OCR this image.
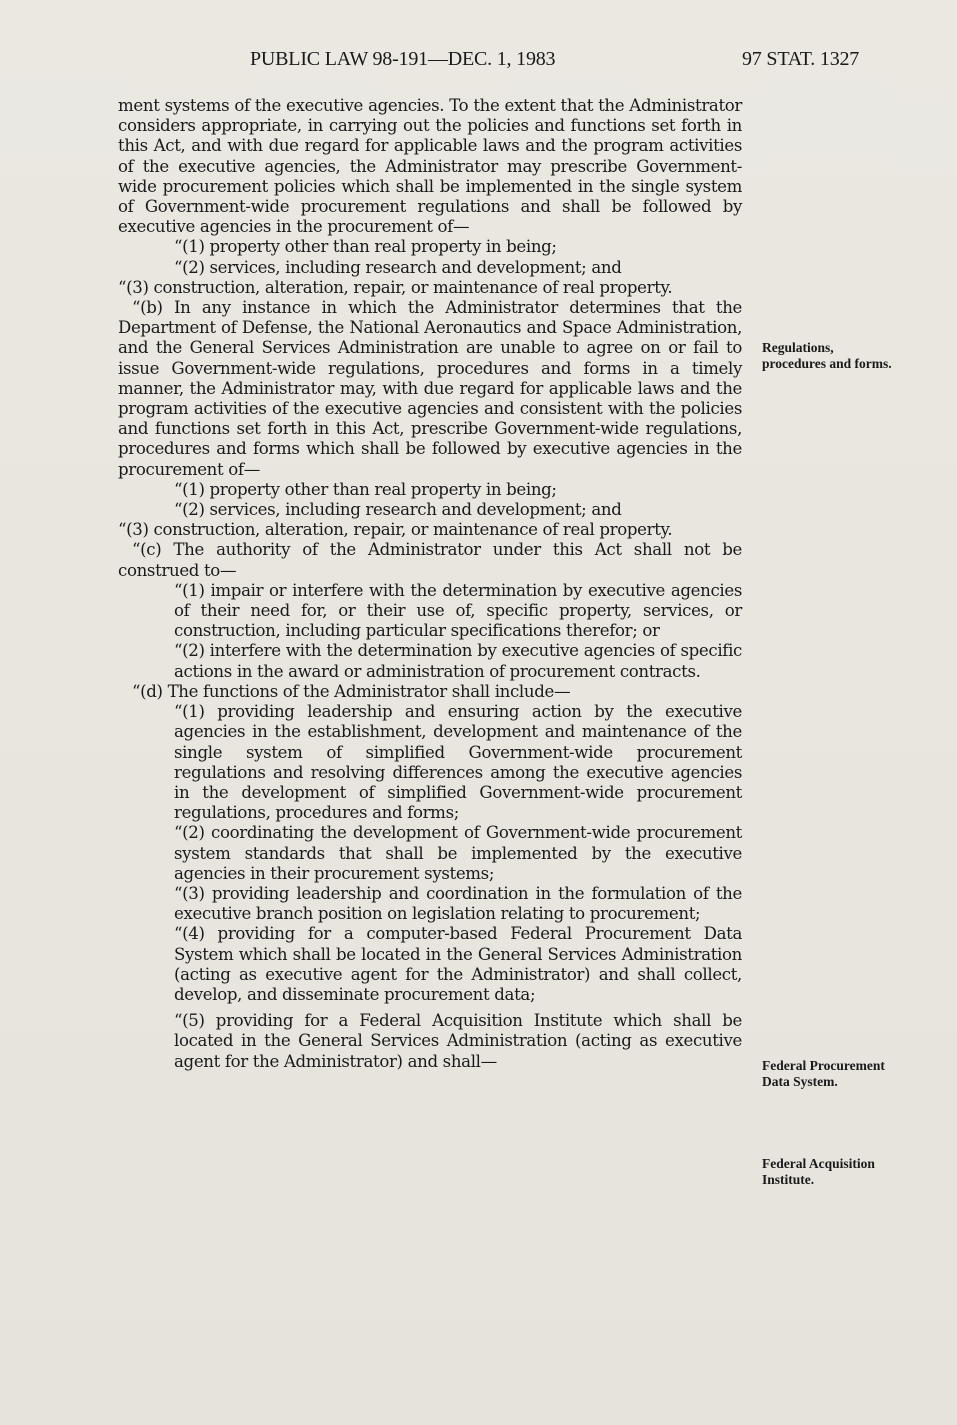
PUBLIC LAW 98-191—DEC. 1, 1983	97 STAT. 1327

ment systems of the executive agencies. To the extent that the Administrator considers appropriate, in carrying out the policies and functions set forth in this Act, and with due regard for applicable laws and the program activities of the executive agencies, the Administrator may prescribe Government-wide procurement policies which shall be implemented in the single system of Government-wide procurement regulations and shall be followed by executive agencies in the procurement of—

“(1) property other than real property in being;

“(2) services, including research and development; and

“(3) construction, alteration, repair, or maintenance of real property.

“(b) In any instance in which the Administrator determines that the Department of Defense, the National Aeronautics and Space Administration, and the General Services Administration are unable to agree on or fail to issue Government-wide regulations, procedures and forms in a timely manner, the Administrator may, with due regard for applicable laws and the program activities of the executive agencies and consistent with the policies and functions set forth in this Act, prescribe Government-wide regulations, procedures and forms which shall be followed by executive agencies in the procurement of—

“(1) property other than real property in being;

“(2) services, including research and development; and

“(3) construction, alteration, repair, or maintenance of real property.

“(c) The authority of the Administrator under this Act shall not be construed to—

“(1) impair or interfere with the determination by executive agencies of their need for, or their use of, specific property, services, or construction, including particular specifications therefor; or

“(2) interfere with the determination by executive agencies of specific actions in the award or administration of procurement contracts.

“(d) The functions of the Administrator shall include—

“(1) providing leadership and ensuring action by the executive agencies in the establishment, development and maintenance of the single system of simplified Government-wide procurement regulations and resolving differences among the executive agencies in the development of simplified Government-wide procurement regulations, procedures and forms;

“(2) coordinating the development of Government-wide procurement system standards that shall be implemented by the executive agencies in their procurement systems;

“(3) providing leadership and coordination in the formulation of the executive branch position on legislation relating to procurement;

“(4) providing for a computer-based Federal Procurement Data System which shall be located in the General Services Administration (acting as executive agent for the Administrator) and shall collect, develop, and disseminate procurement data;

“(5) providing for a Federal Acquisition Institute which shall be located in the General Services Administration (acting as executive agent for the Administrator) and shall—

Regulations, procedures and forms.
Federal Procurement Data System.
Federal Acquisition Institute.
